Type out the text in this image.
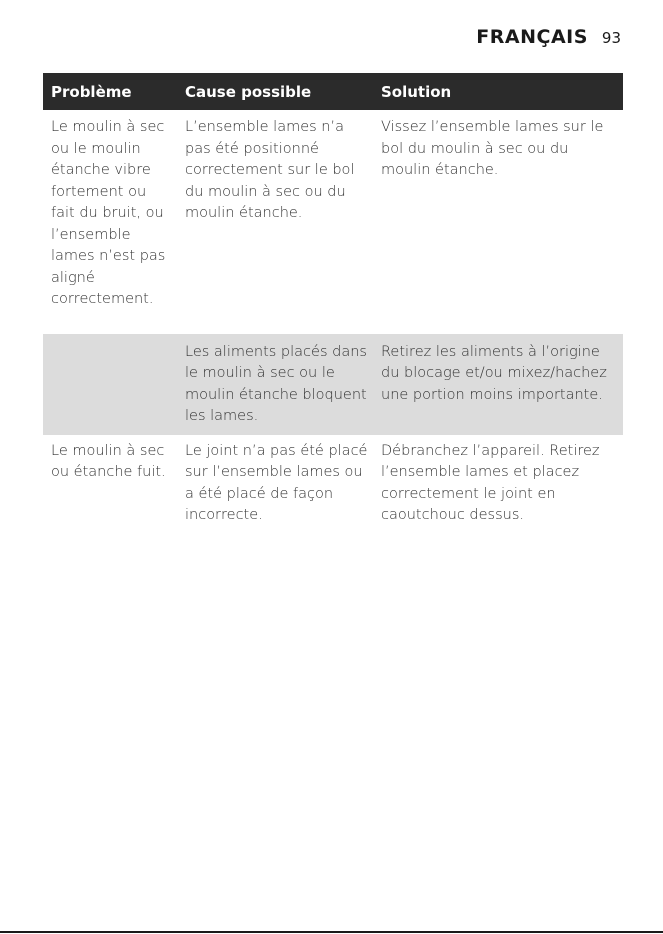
FRANÇAIS 93
Problème	Cause possible	Solution
Le moulin à sec ou le moulin étanche vibre fortement ou fait du bruit, ou l’ensemble lames n’est pas aligné correctement.	L’ensemble lames n’a pas été positionné correctement sur le bol du moulin à sec ou du moulin étanche.	Vissez l’ensemble lames sur le bol du moulin à sec ou du moulin étanche.
	Les aliments placés dans le moulin à sec ou le moulin étanche bloquent les lames.	Retirez les aliments à l’origine du blocage et/ou mixez/hachez une portion moins importante.
Le moulin à sec ou étanche fuit.	Le joint n’a pas été placé sur l’ensemble lames ou a été placé de façon incorrecte.	Débranchez l’appareil. Retirez l’ensemble lames et placez correctement le joint en caoutchouc dessus.
